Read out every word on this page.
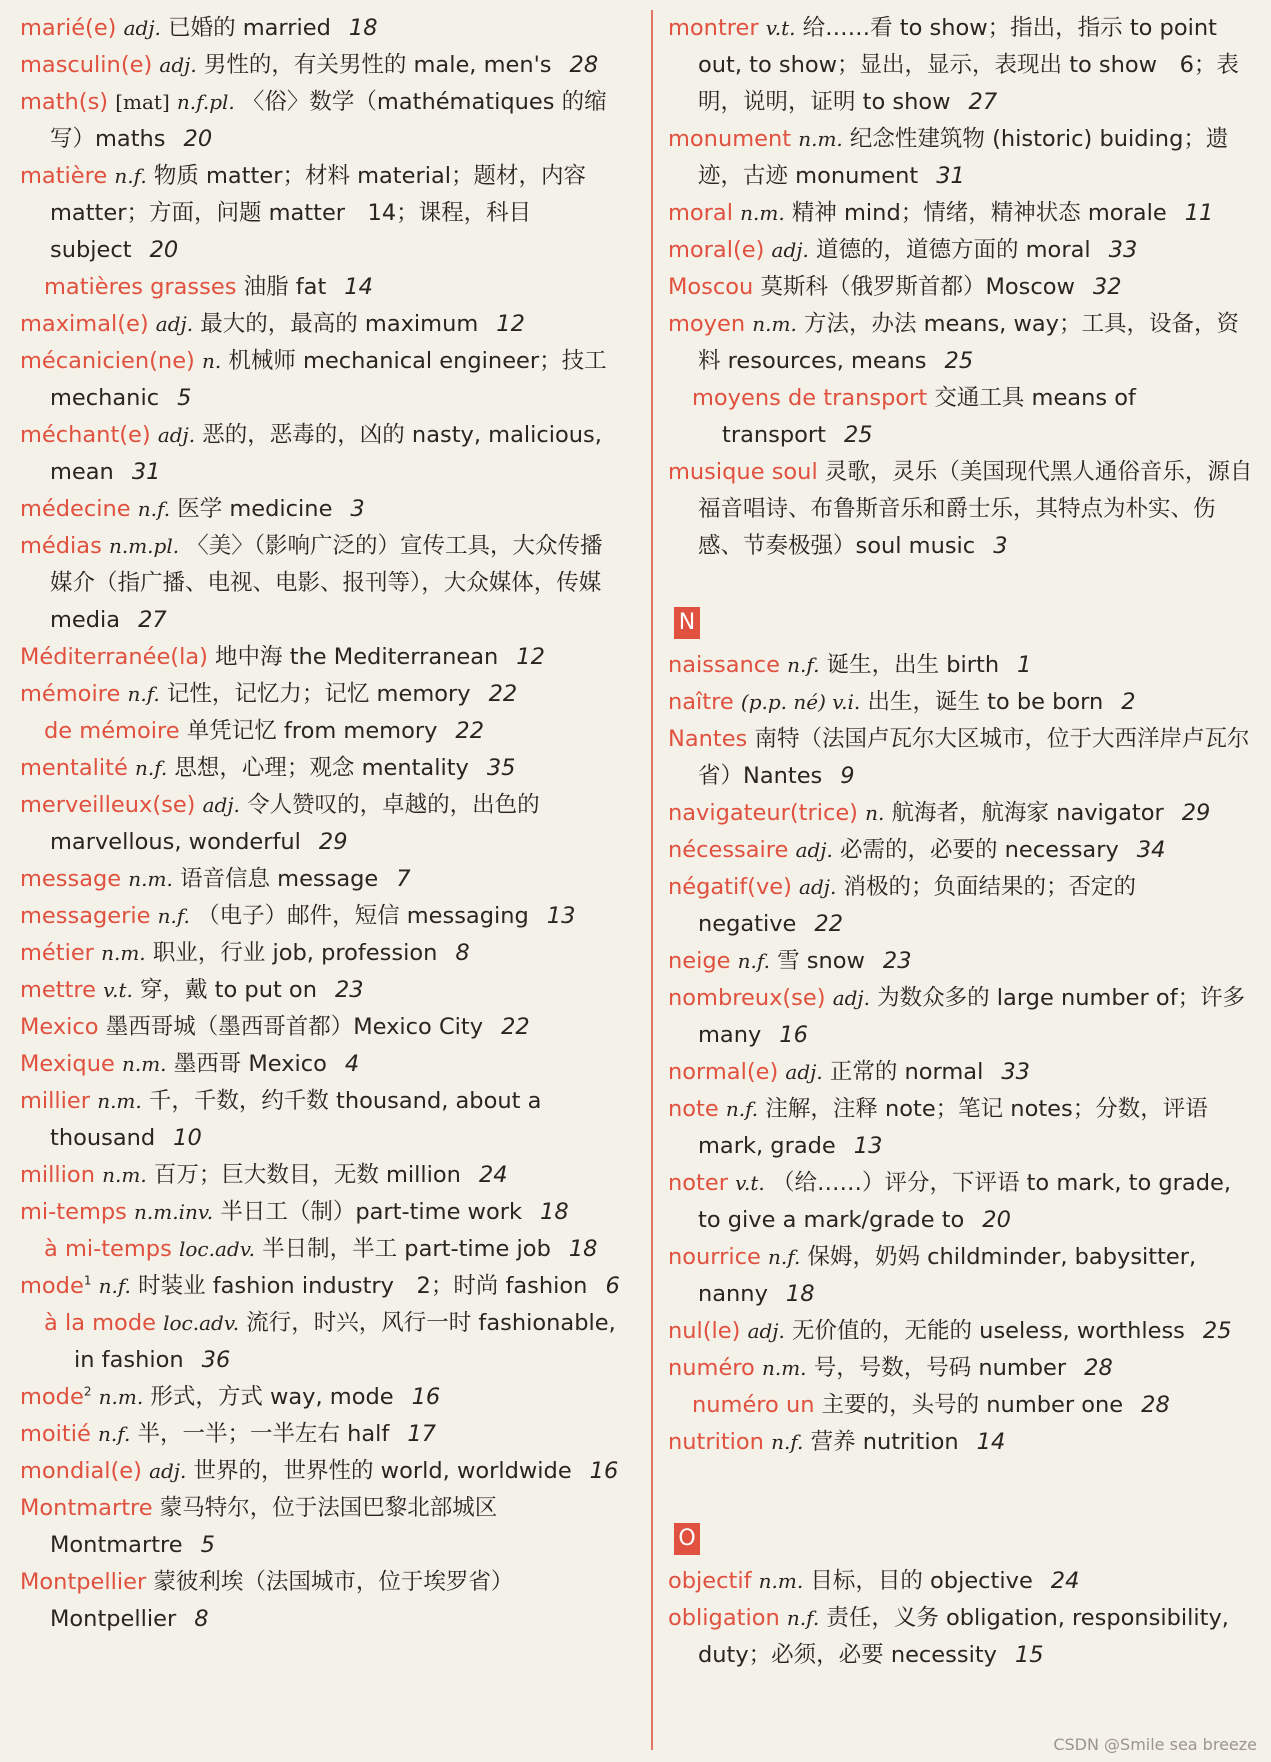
marié(e) adj. 已婚的 married 18
masculin(e) adj. 男性的，有关男性的 male, men's 28
math(s) [mat] n.f.pl. 〈俗〉数学（mathématiques 的缩写）maths 20
matière n.f. 物质 matter；材料 material；题材，内容 matter；方面，问题 matter　14；课程，科目 subject 20
matières grasses 油脂 fat 14
maximal(e) adj. 最大的，最高的 maximum 12
mécanicien(ne) n. 机械师 mechanical engineer；技工 mechanic 5
méchant(e) adj. 恶的，恶毒的，凶的 nasty, malicious, mean 31
médecine n.f. 医学 medicine 3
médias n.m.pl. 〈美〉（影响广泛的）宣传工具，大众传播媒介（指广播、电视、电影、报刊等），大众媒体，传媒 media 27
Méditerranée(la) 地中海 the Mediterranean 12
mémoire n.f. 记性，记忆力；记忆 memory 22
de mémoire 单凭记忆 from memory 22
mentalité n.f. 思想，心理；观念 mentality 35
merveilleux(se) adj. 令人赞叹的，卓越的，出色的 marvellous, wonderful 29
message n.m. 语音信息 message 7
messagerie n.f. （电子）邮件，短信 messaging 13
métier n.m. 职业，行业 job, profession 8
mettre v.t. 穿，戴 to put on 23
Mexico 墨西哥城（墨西哥首都）Mexico City 22
Mexique n.m. 墨西哥 Mexico 4
millier n.m. 千，千数，约千数 thousand, about a thousand 10
million n.m. 百万；巨大数目，无数 million 24
mi-temps n.m.inv. 半日工（制）part-time work 18
à mi-temps loc.adv. 半日制，半工 part-time job 18
mode$^1$ n.f. 时装业 fashion industry　2；时尚 fashion 6
à la mode loc.adv. 流行，时兴，风行一时 fashionable, in fashion 36
mode$^2$ n.m. 形式，方式 way, mode 16
moitié n.f. 半，一半；一半左右 half 17
mondial(e) adj. 世界的，世界性的 world, worldwide 16
Montmartre 蒙马特尔，位于法国巴黎北部城区 Montmartre 5
Montpellier 蒙彼利埃（法国城市，位于埃罗省）Montpellier 8
montrer v.t. 给……看 to show；指出，指示 to point out, to show；显出，显示，表现出 to show　6；表明，说明，证明 to show 27
monument n.m. 纪念性建筑物 (historic) buiding；遗迹，古迹 monument 31
moral n.m. 精神 mind；情绪，精神状态 morale 11
moral(e) adj. 道德的，道德方面的 moral 33
Moscou 莫斯科（俄罗斯首都）Moscow 32
moyen n.m. 方法，办法 means, way；工具，设备，资料 resources, means 25
moyens de transport 交通工具 means of transport 25
musique soul 灵歌，灵乐（美国现代黑人通俗音乐，源自福音唱诗、布鲁斯音乐和爵士乐，其特点为朴实、伤感、节奏极强）soul music 3
N
naissance n.f. 诞生，出生 birth 1
naître (p.p. né) v.i. 出生，诞生 to be born 2
Nantes 南特（法国卢瓦尔大区城市，位于大西洋岸卢瓦尔省）Nantes 9
navigateur(trice) n. 航海者，航海家 navigator 29
nécessaire adj. 必需的，必要的 necessary 34
négatif(ve) adj. 消极的；负面结果的；否定的 negative 22
neige n.f. 雪 snow 23
nombreux(se) adj. 为数众多的 large number of；许多 many 16
normal(e) adj. 正常的 normal 33
note n.f. 注解，注释 note；笔记 notes；分数，评语 mark, grade 13
noter v.t. （给……）评分，下评语 to mark, to grade, to give a mark/grade to 20
nourrice n.f. 保姆，奶妈 childminder, babysitter, nanny 18
nul(le) adj. 无价值的，无能的 useless, worthless 25
numéro n.m. 号，号数，号码 number 28
numéro un 主要的，头号的 number one 28
nutrition n.f. 营养 nutrition 14
O
objectif n.m. 目标，目的 objective 24
obligation n.f. 责任，义务 obligation, responsibility, duty；必须，必要 necessity 15
CSDN @Smile sea breeze
